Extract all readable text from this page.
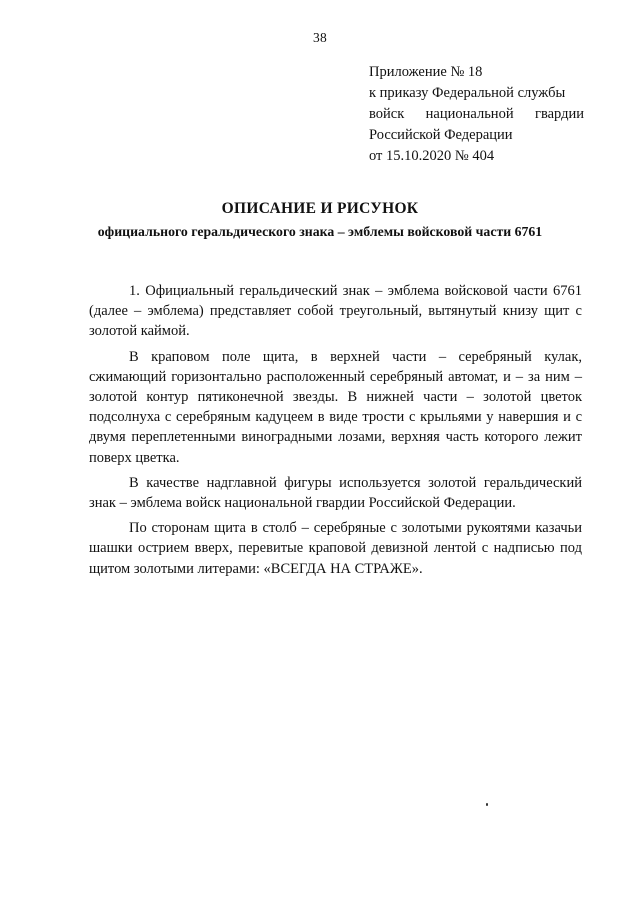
38
Приложение № 18
к приказу Федеральной службы
войск национальной гвардии
Российской Федерации
от 15.10.2020 № 404
ОПИСАНИЕ И РИСУНОК
официального геральдического знака – эмблемы войсковой части 6761

1. Официальный геральдический знак – эмблема войсковой части 6761 (далее – эмблема) представляет собой треугольный, вытянутый книзу щит с золотой каймой.

В краповом поле щита, в верхней части – серебряный кулак, сжимающий горизонтально расположенный серебряный автомат, и – за ним – золотой контур пятиконечной звезды. В нижней части – золотой цветок подсолнуха с серебряным кадуцеем в виде трости с крыльями у навершия и с двумя переплетенными виноградными лозами, верхняя часть которого лежит поверх цветка.

В качестве надглавной фигуры используется золотой геральдический знак – эмблема войск национальной гвардии Российской Федерации.

По сторонам щита в столб – серебряные с золотыми рукоятями казачьи шашки острием вверх, перевитые краповой девизной лентой с надписью под щитом золотыми литерами: «ВСЕГДА НА СТРАЖЕ».
